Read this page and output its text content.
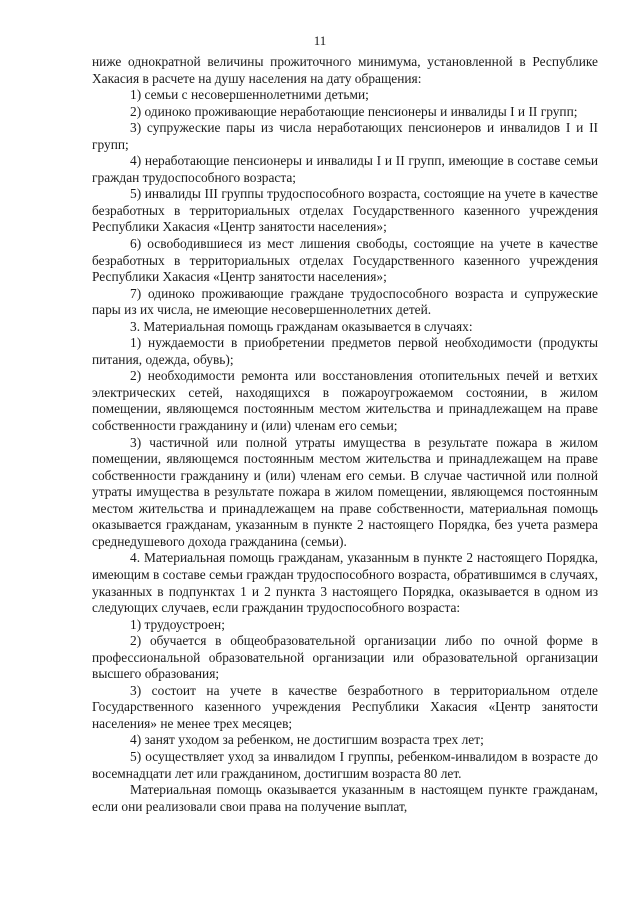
11

ниже однократной величины прожиточного минимума, установленной в Республике Хакасия в расчете на душу населения на дату обращения:

1) семьи с несовершеннолетними детьми;

2) одиноко проживающие неработающие пенсионеры и инвалиды I и II групп;

3) супружеские пары из числа неработающих пенсионеров и инвалидов I и II групп;

4) неработающие пенсионеры и инвалиды I и II групп, имеющие в составе семьи граждан трудоспособного возраста;

5) инвалиды III группы трудоспособного возраста, состоящие на учете в качестве безработных в территориальных отделах Государственного казенного учреждения Республики Хакасия «Центр занятости населения»;

6) освободившиеся из мест лишения свободы, состоящие на учете в качестве безработных в территориальных отделах Государственного казенного учреждения Республики Хакасия «Центр занятости населения»;

7) одиноко проживающие граждане трудоспособного возраста и супружеские пары из их числа, не имеющие несовершеннолетних детей.

3. Материальная помощь гражданам оказывается в случаях:

1) нуждаемости в приобретении предметов первой необходимости (продукты питания, одежда, обувь);

2) необходимости ремонта или восстановления отопительных печей и ветхих электрических сетей, находящихся в пожароугрожаемом состоянии, в жилом помещении, являющемся постоянным местом жительства и принадлежащем на праве собственности гражданину и (или) членам его семьи;

3) частичной или полной утраты имущества в результате пожара в жилом помещении, являющемся постоянным местом жительства и принадлежащем на праве собственности гражданину и (или) членам его семьи. В случае частичной или полной утраты имущества в результате пожара в жилом помещении, являющемся постоянным местом жительства и принадлежащем на праве собственности, материальная помощь оказывается гражданам, указанным в пункте 2 настоящего Порядка, без учета размера среднедушевого дохода гражданина (семьи).

4. Материальная помощь гражданам, указанным в пункте 2 настоящего Порядка, имеющим в составе семьи граждан трудоспособного возраста, обратившимся в случаях, указанных в подпунктах 1 и 2 пункта 3 настоящего Порядка, оказывается в одном из следующих случаев, если гражданин трудоспособного возраста:

1) трудоустроен;

2) обучается в общеобразовательной организации либо по очной форме в профессиональной образовательной организации или образовательной организации высшего образования;

3) состоит на учете в качестве безработного в территориальном отделе Государственного казенного учреждения Республики Хакасия «Центр занятости населения» не менее трех месяцев;

4) занят уходом за ребенком, не достигшим возраста трех лет;

5) осуществляет уход за инвалидом I группы, ребенком-инвалидом в возрасте до восемнадцати лет или гражданином, достигшим возраста 80 лет.

Материальная помощь оказывается указанным в настоящем пункте гражданам, если они реализовали свои права на получение выплат,
